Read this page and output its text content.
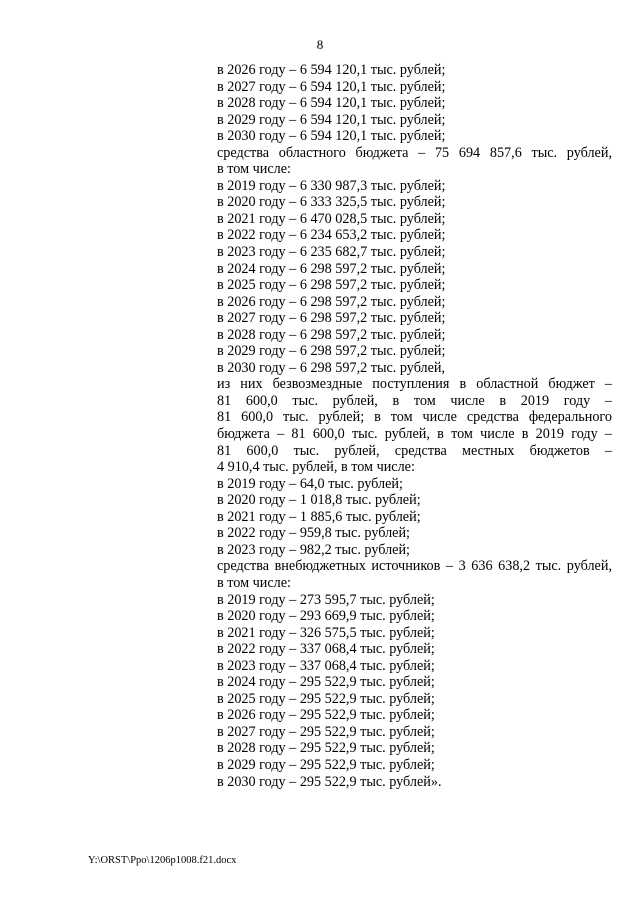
8
в 2026 году – 6 594 120,1 тыс. рублей;
в 2027 году – 6 594 120,1 тыс. рублей;
в 2028 году – 6 594 120,1 тыс. рублей;
в 2029 году – 6 594 120,1 тыс. рублей;
в 2030 году – 6 594 120,1 тыс. рублей;
средства областного бюджета – 75 694 857,6 тыс. рублей,
в том числе:
в 2019 году – 6 330 987,3 тыс. рублей;
в 2020 году – 6 333 325,5 тыс. рублей;
в 2021 году – 6 470 028,5 тыс. рублей;
в 2022 году – 6 234 653,2 тыс. рублей;
в 2023 году – 6 235 682,7 тыс. рублей;
в 2024 году – 6 298 597,2 тыс. рублей;
в 2025 году – 6 298 597,2 тыс. рублей;
в 2026 году – 6 298 597,2 тыс. рублей;
в 2027 году – 6 298 597,2 тыс. рублей;
в 2028 году – 6 298 597,2 тыс. рублей;
в 2029 году – 6 298 597,2 тыс. рублей;
в 2030 году – 6 298 597,2 тыс. рублей,
из них безвозмездные поступления в областной бюджет –
81 600,0 тыс. рублей, в том числе в 2019 году –
81 600,0 тыс. рублей; в том числе средства федерального
бюджета – 81 600,0 тыс. рублей, в том числе в 2019 году –
81 600,0 тыс. рублей, средства местных бюджетов –
4 910,4 тыс. рублей, в том числе:
в 2019 году – 64,0 тыс. рублей;
в 2020 году – 1 018,8 тыс. рублей;
в 2021 году – 1 885,6 тыс. рублей;
в 2022 году – 959,8 тыс. рублей;
в 2023 году – 982,2 тыс. рублей;
средства внебюджетных источников – 3 636 638,2 тыс. рублей,
в том числе:
в 2019 году – 273 595,7 тыс. рублей;
в 2020 году – 293 669,9 тыс. рублей;
в 2021 году – 326 575,5 тыс. рублей;
в 2022 году – 337 068,4 тыс. рублей;
в 2023 году – 337 068,4 тыс. рублей;
в 2024 году – 295 522,9 тыс. рублей;
в 2025 году – 295 522,9 тыс. рублей;
в 2026 году – 295 522,9 тыс. рублей;
в 2027 году – 295 522,9 тыс. рублей;
в 2028 году – 295 522,9 тыс. рублей;
в 2029 году – 295 522,9 тыс. рублей;
в 2030 году – 295 522,9 тыс. рублей».
Y:\ORST\Ppo\1206p1008.f21.docx
